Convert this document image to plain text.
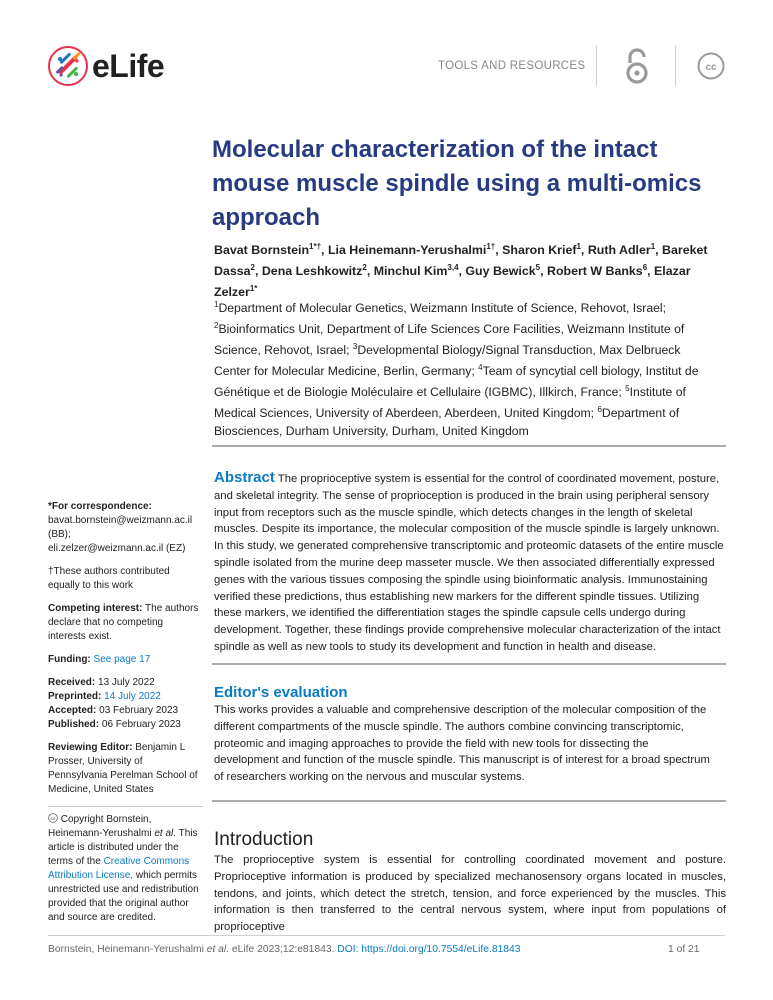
eLife	TOOLS AND RESOURCES	cc
Molecular characterization of the intact mouse muscle spindle using a multi-omics approach
Bavat Bornstein$^{1*\dagger}$, Lia Heinemann-Yerushalmi$^{1\dagger}$, Sharon Krief$^1$, Ruth Adler$^1$, Bareket Dassa$^2$, Dena Leshkowitz$^2$, Minchul Kim$^{3,4}$, Guy Bewick$^5$, Robert W Banks$^6$, Elazar Zelzer$^{1*}$
$^1$Department of Molecular Genetics, Weizmann Institute of Science, Rehovot, Israel; $^2$Bioinformatics Unit, Department of Life Sciences Core Facilities, Weizmann Institute of Science, Rehovot, Israel; $^3$Developmental Biology/Signal Transduction, Max Delbrueck Center for Molecular Medicine, Berlin, Germany; $^4$Team of syncytial cell biology, Institut de Génétique et de Biologie Moléculaire et Cellulaire (IGBMC), Illkirch, France; $^5$Institute of Medical Sciences, University of Aberdeen, Aberdeen, United Kingdom; $^6$Department of Biosciences, Durham University, Durham, United Kingdom

*For correspondence:
bavat.bornstein@weizmann.ac.il (BB);
eli.zelzer@weizmann.ac.il (EZ)

†These authors contributed equally to this work

Competing interest: The authors declare that no competing interests exist.

Funding: See page 17

Received: 13 July 2022

Preprinted: 14 July 2022

Accepted: 03 February 2023

Published: 06 February 2023

Reviewing Editor: Benjamin L Prosser, University of Pennsylvania Perelman School of Medicine, United States

cc Copyright Bornstein, Heinemann-Yerushalmi et al. This article is distributed under the terms of the Creative Commons Attribution License, which permits unrestricted use and redistribution provided that the original author and source are credited.

Abstract The proprioceptive system is essential for the control of coordinated movement, posture, and skeletal integrity. The sense of proprioception is produced in the brain using peripheral sensory input from receptors such as the muscle spindle, which detects changes in the length of skeletal muscles. Despite its importance, the molecular composition of the muscle spindle is largely unknown. In this study, we generated comprehensive transcriptomic and proteomic datasets of the entire muscle spindle isolated from the murine deep masseter muscle. We then associated differentially expressed genes with the various tissues composing the spindle using bioinformatic analysis. Immunostaining verified these predictions, thus establishing new markers for the different spindle tissues. Utilizing these markers, we identified the differentiation stages the spindle capsule cells undergo during development. Together, these findings provide comprehensive molecular characterization of the intact spindle as well as new tools to study its development and function in health and disease.
Editor's evaluation
This works provides a valuable and comprehensive description of the molecular composition of the different compartments of the muscle spindle. The authors combine convincing transcriptomic, proteomic and imaging approaches to provide the field with new tools for dissecting the development and function of the muscle spindle. This manuscript is of interest for a broad spectrum of researchers working on the nervous and muscular systems.
Introduction
The proprioceptive system is essential for controlling coordinated movement and posture. Proprioceptive information is produced by specialized mechanosensory organs located in muscles, tendons, and joints, which detect the stretch, tension, and force experienced by the muscles. This information is then transferred to the central nervous system, where input from populations of proprioceptive
Bornstein, Heinemann-Yerushalmi et al. eLife 2023;12:e81843. DOI: https://doi.org/10.7554/eLife.81843	1 of 21
